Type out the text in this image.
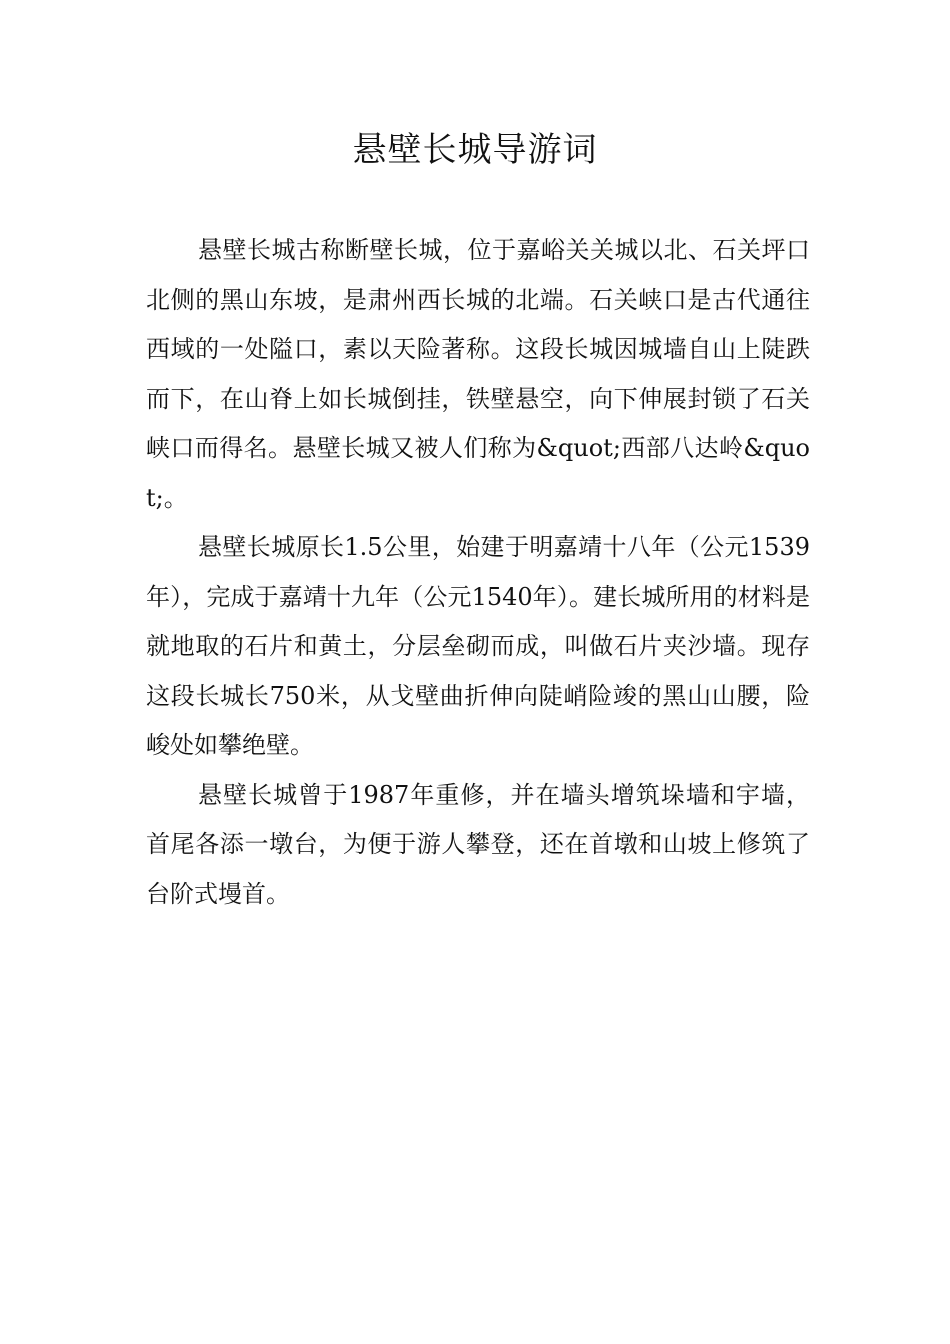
悬壁长城导游词

悬壁长城古称断壁长城，位于嘉峪关关城以北、石关坪口北侧的黑山东坡，是肃州西长城的北端。石关峡口是古代通往西域的一处隘口，素以天险著称。这段长城因城墙自山上陡跌而下，在山脊上如长城倒挂，铁壁悬空，向下伸展封锁了石关峡口而得名。悬壁长城又被人们称为&quot;西部八达岭&quot;。

悬壁长城原长1.5公里，始建于明嘉靖十八年（公元1539年），完成于嘉靖十九年（公元1540年）。建长城所用的材料是就地取的石片和黄土，分层垒砌而成，叫做石片夹沙墙。现存这段长城长750米，从戈壁曲折伸向陡峭险竣的黑山山腰，险峻处如攀绝壁。

悬壁长城曾于1987年重修，并在墙头增筑垛墙和宇墙，首尾各添一墩台，为便于游人攀登，还在首墩和山坡上修筑了台阶式墁首。
